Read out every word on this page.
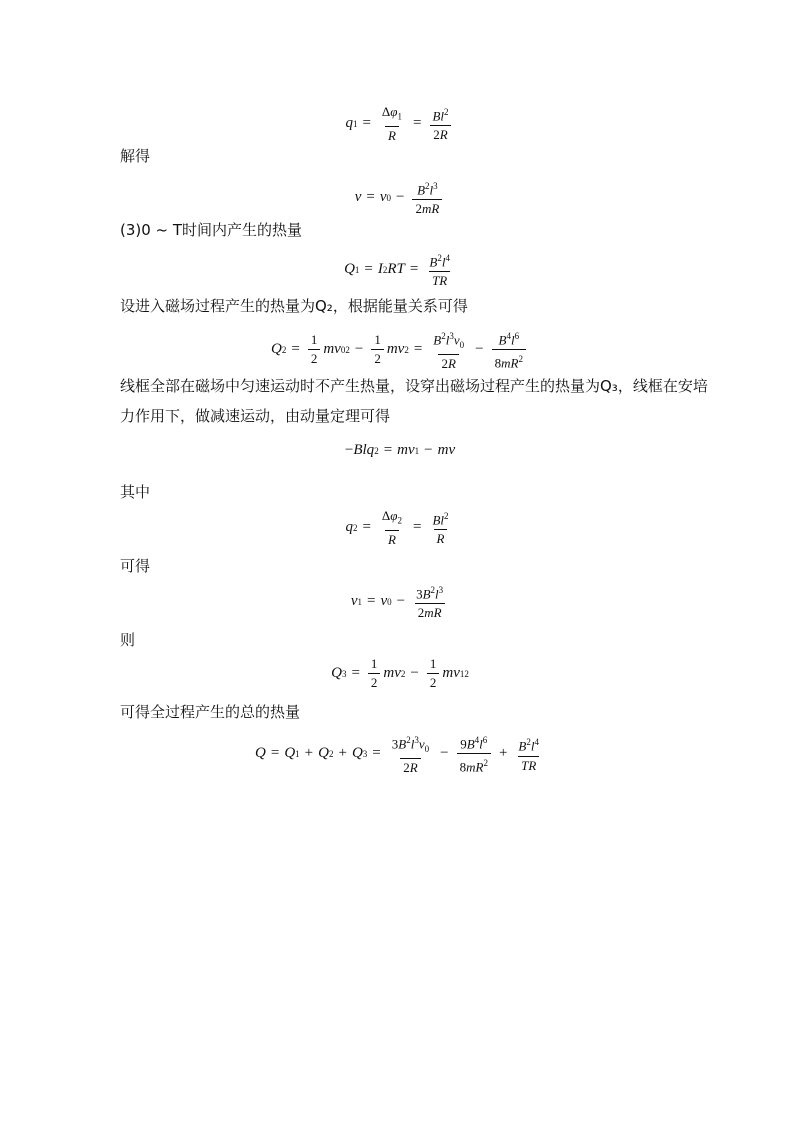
q $1 = \frac{\Delta\varphi_1}{R} = \frac{Bl^2}{2R}$
解得
v = v $0 - \frac{B^2l^3}{2mR}$
(3)0 ~ T时间内产生的热量
Q 1 = I 2 RT = $\frac{B^2l^4}{TR}$
设进入磁场过程产生的热量为Q₂，根据能量关系可得
Q $2 = \frac{1}{2}$ mv 0 $2 - \frac{1}{2}$ mv $2 = \frac{B^2l^3v_0}{2R} - \frac{B^4l^6}{8mR^2}$
线框全部在磁场中匀速运动时不产生热量，设穿出磁场过程产生的热量为Q₃，线框在安培
力作用下，做减速运动，由动量定理可得
− Blq 2 = mv 1 − mv
其中
q $2 = \frac{\Delta\varphi_2}{R} = \frac{Bl^2}{R}$
可得
v 1 = v $0 - \frac{3B^2l^3}{2mR}$
则
Q $3 = \frac{1}{2}$ mv $2 - \frac{1}{2}$ mv 1 2
可得全过程产生的总的热量
Q = Q 1 + Q 2 + Q $3 = \frac{3B^2l^3v_0}{2R} - \frac{9B^4l^6}{8mR^2} + \frac{B^2l^4}{TR}$
